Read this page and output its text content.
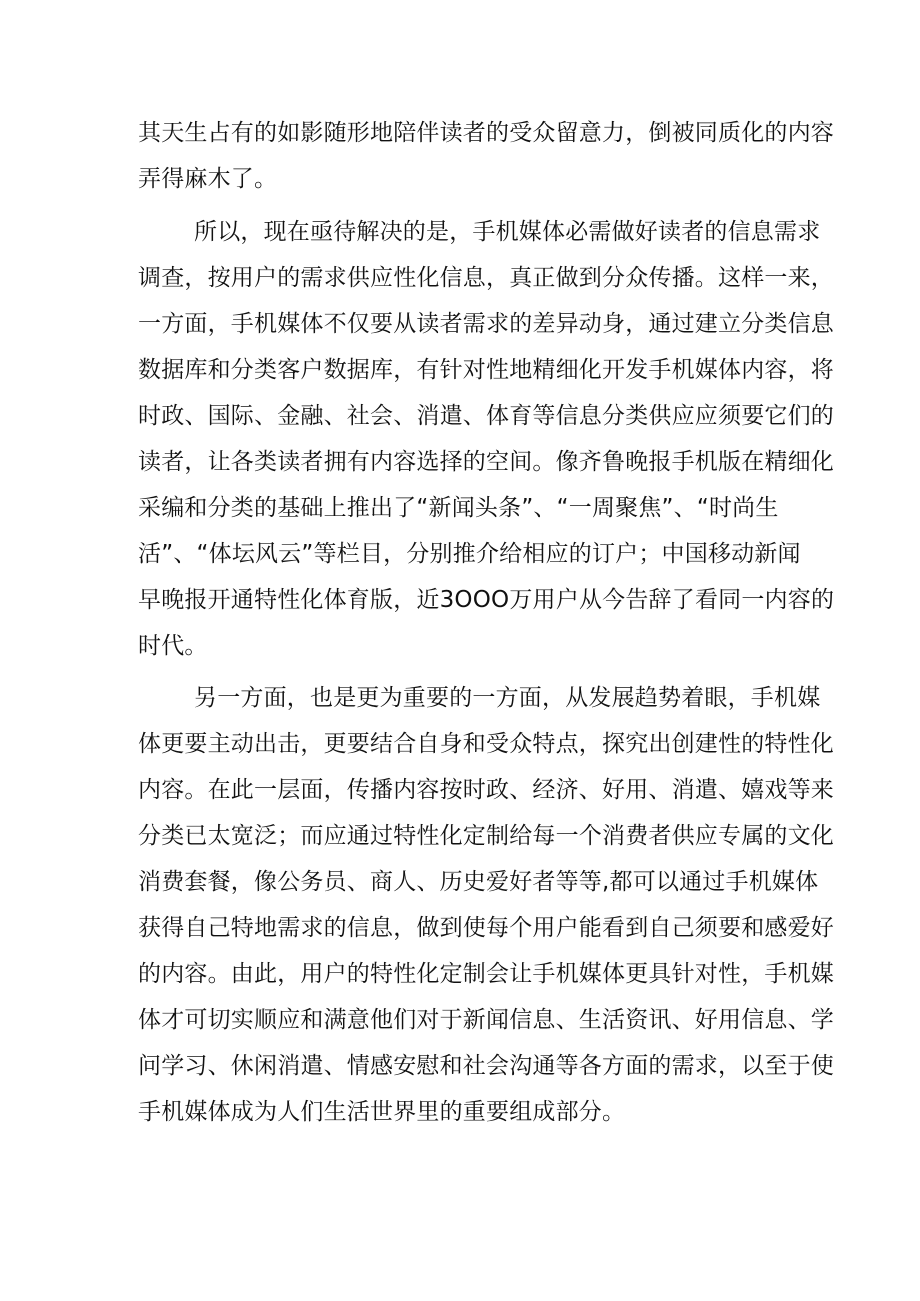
其天生占有的如影随形地陪伴读者的受众留意力，倒被同质化的内容
弄得麻木了。
所以，现在亟待解决的是，手机媒体必需做好读者的信息需求
调查，按用户的需求供应性化信息，真正做到分众传播。这样一来，
一方面，手机媒体不仅要从读者需求的差异动身，通过建立分类信息
数据库和分类客户数据库，有针对性地精细化开发手机媒体内容，将
时政、国际、金融、社会、消遣、体育等信息分类供应应须要它们的
读者，让各类读者拥有内容选择的空间。像齐鲁晚报手机版在精细化
采编和分类的基础上推出了“新闻头条”、“一周聚焦”、“时尚生
活”、“体坛风云”等栏目，分别推介给相应的订户；中国移动新闻
早晚报开通特性化体育版，近3OOO万用户从今告辞了看同一内容的
时代。
另一方面，也是更为重要的一方面，从发展趋势着眼，手机媒
体更要主动出击，更要结合自身和受众特点，探究出创建性的特性化
内容。在此一层面，传播内容按时政、经济、好用、消遣、嬉戏等来
分类已太宽泛；而应通过特性化定制给每一个消费者供应专属的文化
消费套餐，像公务员、商人、历史爱好者等等,都可以通过手机媒体
获得自己特地需求的信息，做到使每个用户能看到自己须要和感爱好
的内容。由此，用户的特性化定制会让手机媒体更具针对性，手机媒
体才可切实顺应和满意他们对于新闻信息、生活资讯、好用信息、学
问学习、休闲消遣、情感安慰和社会沟通等各方面的需求，以至于使
手机媒体成为人们生活世界里的重要组成部分。
